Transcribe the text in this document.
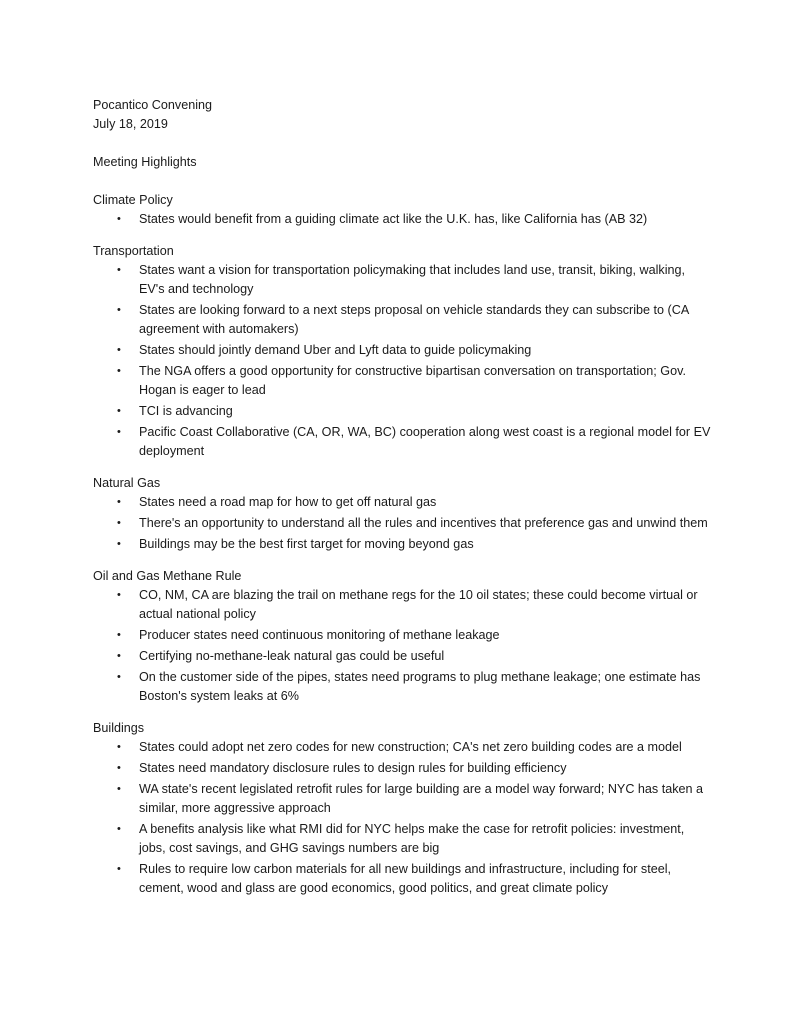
Pocantico Convening

July 18, 2019

Meeting Highlights

Climate Policy

• States would benefit from a guiding climate act like the U.K. has, like California has (AB 32)

Transportation

• States want a vision for transportation policymaking that includes land use, transit, biking, walking, EV's and technology
• States are looking forward to a next steps proposal on vehicle standards they can subscribe to (CA agreement with automakers)
• States should jointly demand Uber and Lyft data to guide policymaking
• The NGA offers a good opportunity for constructive bipartisan conversation on transportation; Gov. Hogan is eager to lead
• TCI is advancing
• Pacific Coast Collaborative (CA, OR, WA, BC) cooperation along west coast is a regional model for EV deployment

Natural Gas

• States need a road map for how to get off natural gas
• There's an opportunity to understand all the rules and incentives that preference gas and unwind them
• Buildings may be the best first target for moving beyond gas

Oil and Gas Methane Rule

• CO, NM, CA are blazing the trail on methane regs for the 10 oil states; these could become virtual or actual national policy
• Producer states need continuous monitoring of methane leakage
• Certifying no-methane-leak natural gas could be useful
• On the customer side of the pipes, states need programs to plug methane leakage; one estimate has Boston's system leaks at 6%

Buildings

• States could adopt net zero codes for new construction; CA's net zero building codes are a model
• States need mandatory disclosure rules to design rules for building efficiency
• WA state's recent legislated retrofit rules for large building are a model way forward; NYC has taken a similar, more aggressive approach
• A benefits analysis like what RMI did for NYC helps make the case for retrofit policies: investment, jobs, cost savings, and GHG savings numbers are big
• Rules to require low carbon materials for all new buildings and infrastructure, including for steel, cement, wood and glass are good economics, good politics, and great climate policy
